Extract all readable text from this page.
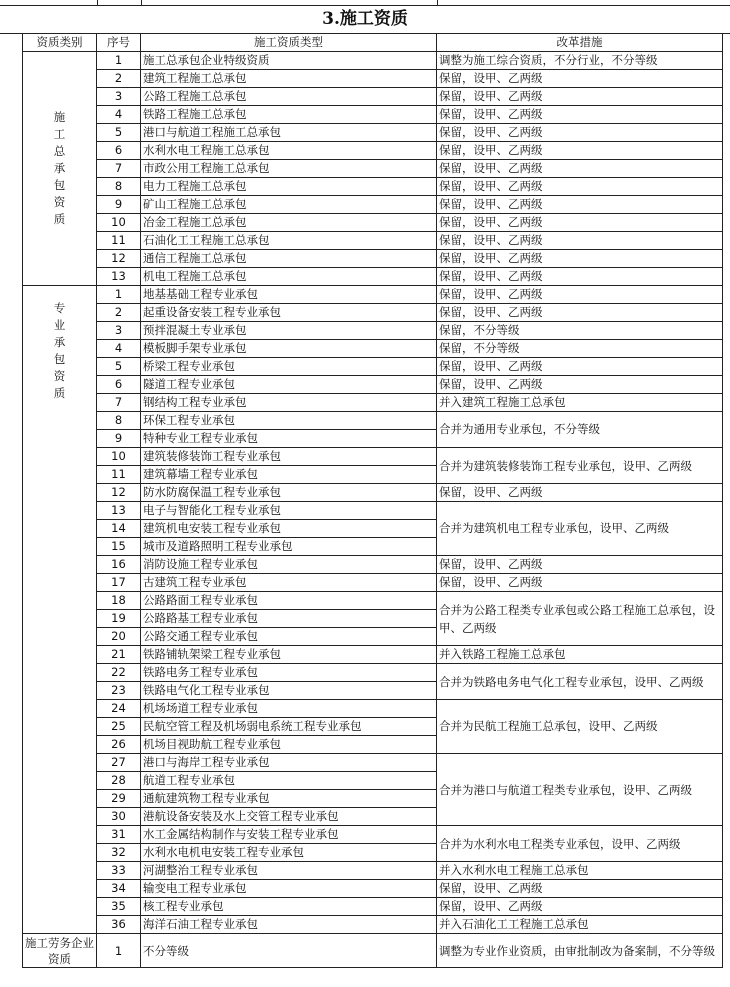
3.施工资质
资质类别	序号	施工资质类型	改革措施
施工总承包资质	1	施工总承包企业特级资质	调整为施工综合资质，不分行业，不分等级
	2	建筑工程施工总承包	保留，设甲、乙两级
	3	公路工程施工总承包	保留，设甲、乙两级
	4	铁路工程施工总承包	保留，设甲、乙两级
	5	港口与航道工程施工总承包	保留，设甲、乙两级
	6	水利水电工程施工总承包	保留，设甲、乙两级
	7	市政公用工程施工总承包	保留，设甲、乙两级
	8	电力工程施工总承包	保留，设甲、乙两级
	9	矿山工程施工总承包	保留，设甲、乙两级
	10	冶金工程施工总承包	保留，设甲、乙两级
	11	石油化工工程施工总承包	保留，设甲、乙两级
	12	通信工程施工总承包	保留，设甲、乙两级
	13	机电工程施工总承包	保留，设甲、乙两级
专业承包资质	1	地基基础工程专业承包	保留，设甲、乙两级
	2	起重设备安装工程专业承包	保留，设甲、乙两级
	3	预拌混凝土专业承包	保留，不分等级
	4	模板脚手架专业承包	保留，不分等级
	5	桥梁工程专业承包	保留，设甲、乙两级
	6	隧道工程专业承包	保留，设甲、乙两级
	7	钢结构工程专业承包	并入建筑工程施工总承包
	8	环保工程专业承包	合并为通用专业承包，不分等级
	9	特种专业工程专业承包	
	10	建筑装修装饰工程专业承包	合并为建筑装修装饰工程专业承包，设甲、乙两级
	11	建筑幕墙工程专业承包	
	12	防水防腐保温工程专业承包	保留，设甲、乙两级
	13	电子与智能化工程专业承包	合并为建筑机电工程专业承包，设甲、乙两级
	14	建筑机电安装工程专业承包	
	15	城市及道路照明工程专业承包	
	16	消防设施工程专业承包	保留，设甲、乙两级
	17	古建筑工程专业承包	保留，设甲、乙两级
	18	公路路面工程专业承包	合并为公路工程类专业承包或公路工程施工总承包，设甲、乙两级
	19	公路路基工程专业承包	
	20	公路交通工程专业承包	
	21	铁路铺轨架梁工程专业承包	并入铁路工程施工总承包
	22	铁路电务工程专业承包	合并为铁路电务电气化工程专业承包，设甲、乙两级
	23	铁路电气化工程专业承包	
	24	机场场道工程专业承包	合并为民航工程施工总承包，设甲、乙两级
	25	民航空管工程及机场弱电系统工程专业承包	
	26	机场目视助航工程专业承包	
	27	港口与海岸工程专业承包	合并为港口与航道工程类专业承包，设甲、乙两级
	28	航道工程专业承包	
	29	通航建筑物工程专业承包	
	30	港航设备安装及水上交管工程专业承包	
	31	水工金属结构制作与安装工程专业承包	合并为水利水电工程类专业承包，设甲、乙两级
	32	水利水电机电安装工程专业承包	
	33	河湖整治工程专业承包	并入水利水电工程施工总承包
	34	输变电工程专业承包	保留，设甲、乙两级
	35	核工程专业承包	保留，设甲、乙两级
	36	海洋石油工程专业承包	并入石油化工工程施工总承包
施工劳务企业资质	1	不分等级	调整为专业作业资质，由审批制改为备案制，不分等级
